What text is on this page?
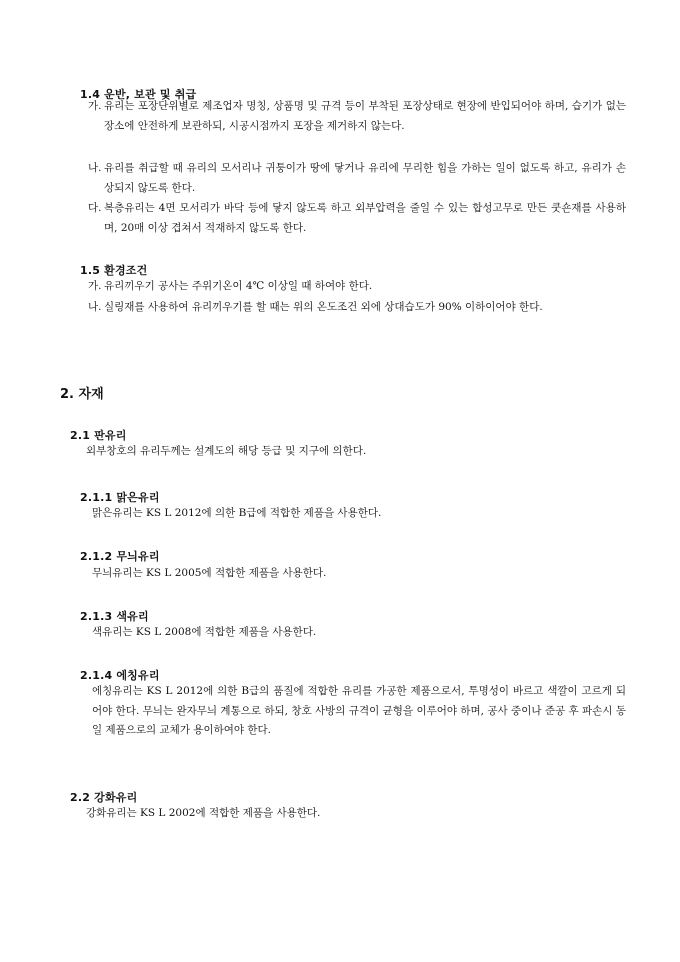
1.4 운반, 보관 및 취급
가. 유리는 포장단위별로 제조업자 명칭, 상품명 및 규격 등이 부착된 포장상태로 현장에 반입되어야 하며, 습기가 없는 장소에 안전하게 보관하되, 시공시점까지 포장을 제거하지 않는다.
나. 유리를 취급할 때 유리의 모서리나 귀퉁이가 땅에 닿거나 유리에 무리한 힘을 가하는 일이 없도록 하고, 유리가 손상되지 않도록 한다.
다. 복층유리는 4면 모서리가 바닥 등에 닿지 않도록 하고 외부압력을 줄일 수 있는 합성고무로 만든 쿳숀재를 사용하며, 20매 이상 겹쳐서 적재하지 않도록 한다.
1.5 환경조건
가. 유리끼우기 공사는 주위기온이 4℃ 이상일 때 하여야 한다.
나. 실링재를 사용하여 유리끼우기를 할 때는 위의 온도조건 외에 상대습도가 90% 이하이어야 한다.
2. 자재
2.1 판유리
외부창호의 유리두께는 설계도의 해당 등급 및 지구에 의한다.
2.1.1 맑은유리
맑은유리는 KS L 2012에 의한 B급에 적합한 제품을 사용한다.
2.1.2 무늬유리
무늬유리는 KS L 2005에 적합한 제품을 사용한다.
2.1.3 색유리
색유리는 KS L 2008에 적합한 제품을 사용한다.
2.1.4 에칭유리
에칭유리는 KS L 2012에 의한 B급의 품질에 적합한 유리를 가공한 제품으로서, 투명성이 바르고 색깔이 고르게 되어야 한다. 무늬는 완자무늬 계통으로 하되, 창호 사방의 규격이 균형을 이루어야 하며, 공사 중이나 준공 후 파손시 동일 제품으로의 교체가 용이하여야 한다.
2.2 강화유리
강화유리는 KS L 2002에 적합한 제품을 사용한다.
